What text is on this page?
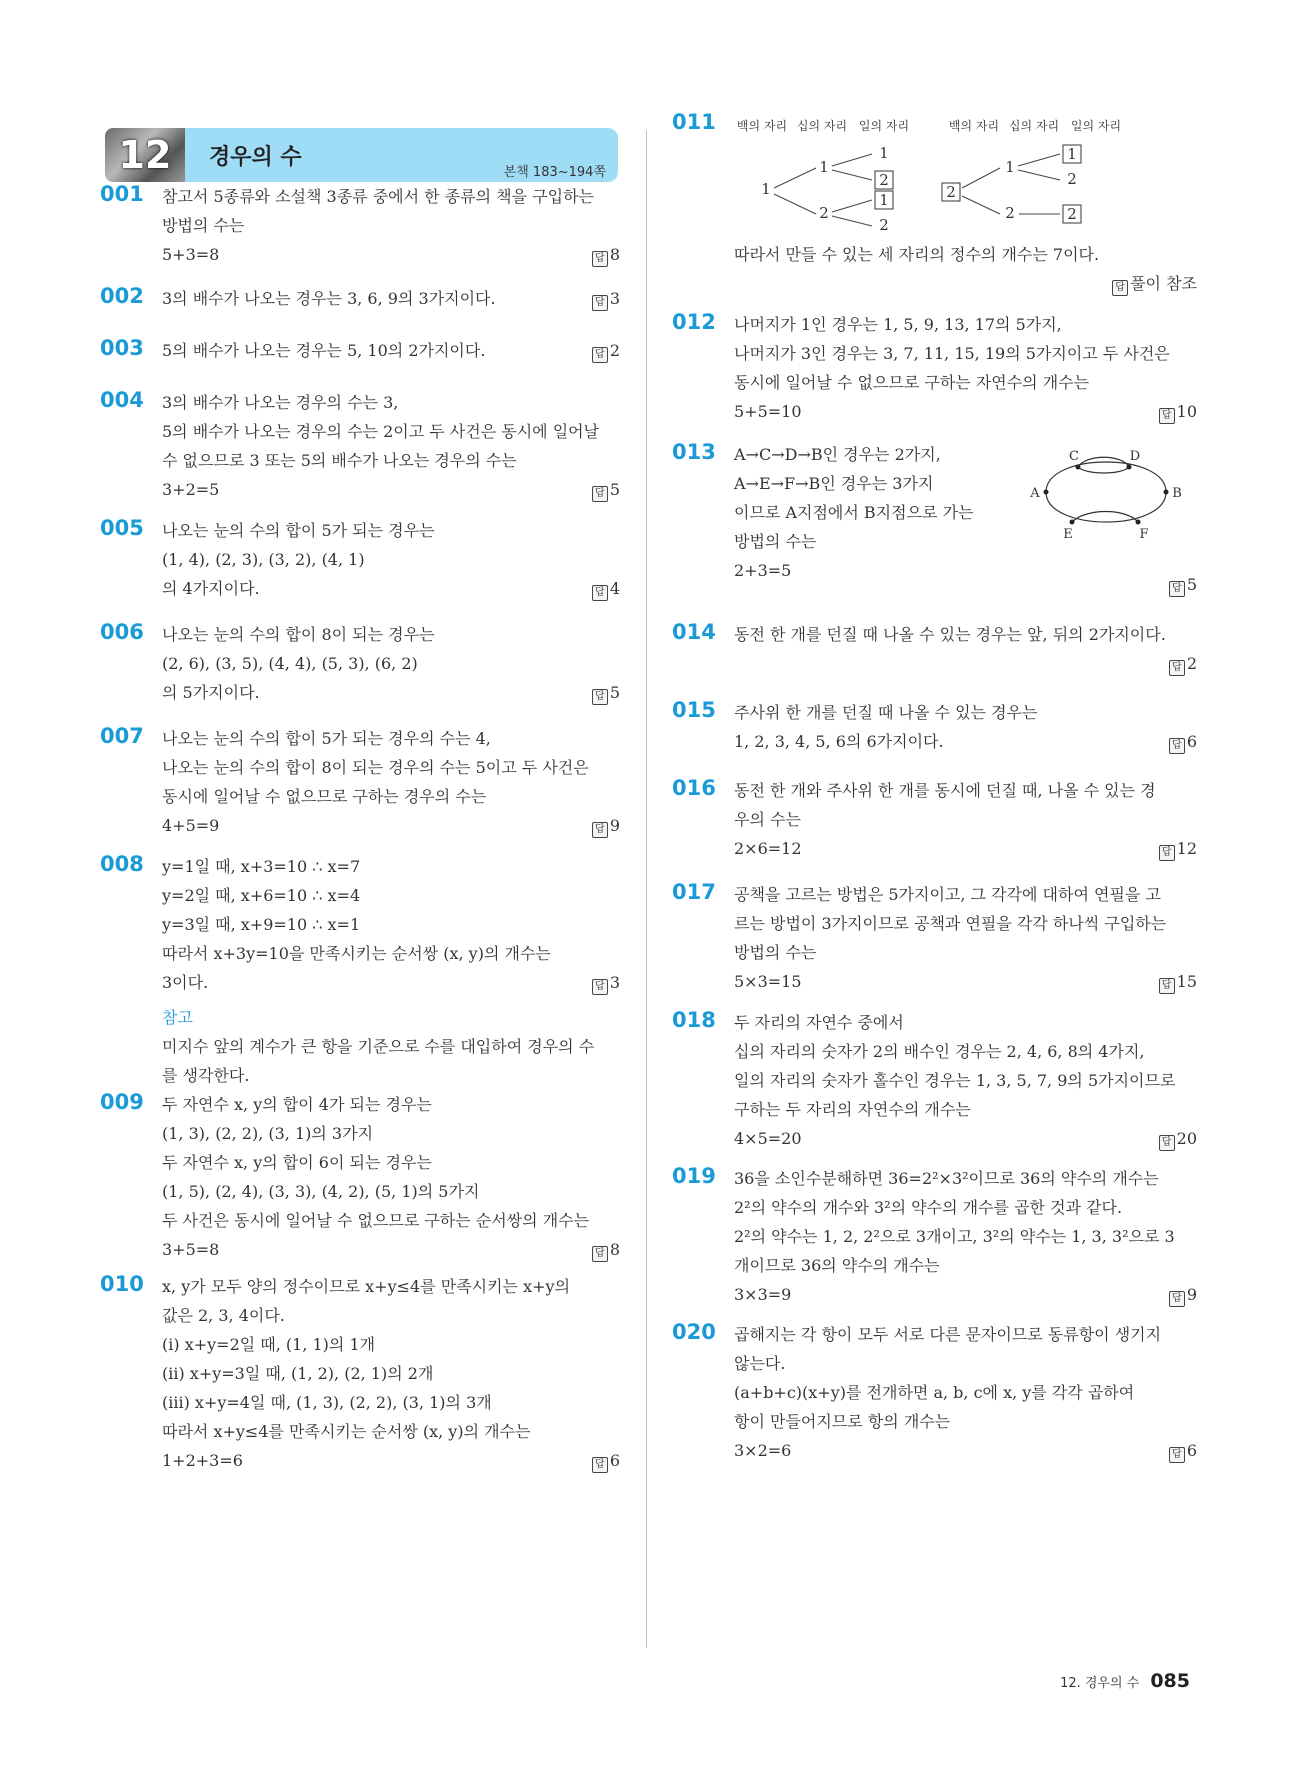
12	경우의 수
본책 183~194쪽
001 참고서 5종류와 소설책 3종류 중에서 한 종류의 책을 구입하는
방법의 수는
5+3=8	답 8
002 3의 배수가 나오는 경우는 3, 6, 9의 3가지이다.	답 3
003 5의 배수가 나오는 경우는 5, 10의 2가지이다.	답 2
004 3의 배수가 나오는 경우의 수는 3,
5의 배수가 나오는 경우의 수는 2이고 두 사건은 동시에 일어날
수 없으므로 3 또는 5의 배수가 나오는 경우의 수는
3+2=5	답 5
005 나오는 눈의 수의 합이 5가 되는 경우는
(1, 4), (2, 3), (3, 2), (4, 1)
의 4가지이다.	답 4
006 나오는 눈의 수의 합이 8이 되는 경우는
(2, 6), (3, 5), (4, 4), (5, 3), (6, 2)
의 5가지이다.	답 5
007 나오는 눈의 수의 합이 5가 되는 경우의 수는 4,
나오는 눈의 수의 합이 8이 되는 경우의 수는 5이고 두 사건은
동시에 일어날 수 없으므로 구하는 경우의 수는
4+5=9	답 9
008 y=1일 때, x+3=10 ∴ x=7
y=2일 때, x+6=10 ∴ x=4
y=3일 때, x+9=10 ∴ x=1
따라서 x+3y=10을 만족시키는 순서쌍 (x, y)의 개수는
3이다.	답 3
참고
미지수 앞의 계수가 큰 항을 기준으로 수를 대입하여 경우의 수
를 생각한다.
009 두 자연수 x, y의 합이 4가 되는 경우는
(1, 3), (2, 2), (3, 1)의 3가지
두 자연수 x, y의 합이 6이 되는 경우는
(1, 5), (2, 4), (3, 3), (4, 2), (5, 1)의 5가지
두 사건은 동시에 일어날 수 없으므로 구하는 순서쌍의 개수는
3+5=8	답 8
010 x, y가 모두 양의 정수이므로 x+y≤4를 만족시키는 x+y의
값은 2, 3, 4이다.
(i) x+y=2일 때, (1, 1)의 1개
(ii) x+y=3일 때, (1, 2), (2, 1)의 2개
(iii) x+y=4일 때, (1, 3), (2, 2), (3, 1)의 3개
따라서 x+y≤4를 만족시키는 순서쌍 (x, y)의 개수는
1+2+3=6	답 6
011
따라서 만들 수 있는 세 자리의 정수의 개수는 7이다.
답 풀이 참조
백의 자리 십의 자리 일의 자리	백의 자리 십의 자리 일의 자리
1
1
2
1
2
1
2
2
1
2
1
2
2
012 나머지가 1인 경우는 1, 5, 9, 13, 17의 5가지,
나머지가 3인 경우는 3, 7, 11, 15, 19의 5가지이고 두 사건은
동시에 일어날 수 없으므로 구하는 자연수의 개수는
5+5=10	답 10
013 A→C→D→B인 경우는 2가지,
A→E→F→B인 경우는 3가지
이므로 A지점에서 B지점으로 가는
방법의 수는
2+3=5
답 5
A	B
C	D
E	F
014 동전 한 개를 던질 때 나올 수 있는 경우는 앞, 뒤의 2가지이다.
답 2
015 주사위 한 개를 던질 때 나올 수 있는 경우는
1, 2, 3, 4, 5, 6의 6가지이다.	답 6
016 동전 한 개와 주사위 한 개를 동시에 던질 때, 나올 수 있는 경
우의 수는
2×6=12	답 12
017 공책을 고르는 방법은 5가지이고, 그 각각에 대하여 연필을 고
르는 방법이 3가지이므로 공책과 연필을 각각 하나씩 구입하는
방법의 수는
5×3=15	답 15
018 두 자리의 자연수 중에서
십의 자리의 숫자가 2의 배수인 경우는 2, 4, 6, 8의 4가지,
일의 자리의 숫자가 홀수인 경우는 1, 3, 5, 7, 9의 5가지이므로
구하는 두 자리의 자연수의 개수는
4×5=20	답 20
019 36을 소인수분해하면 36=2²×3²이므로 36의 약수의 개수는
2²의 약수의 개수와 3²의 약수의 개수를 곱한 것과 같다.
2²의 약수는 1, 2, 2²으로 3개이고, 3²의 약수는 1, 3, 3²으로 3
개이므로 36의 약수의 개수는
3×3=9	답 9
020 곱해지는 각 항이 모두 서로 다른 문자이므로 동류항이 생기지
않는다.
(a+b+c)(x+y)를 전개하면 a, b, c에 x, y를 각각 곱하여
항이 만들어지므로 항의 개수는
3×2=6	답 6
12. 경우의 수 085
